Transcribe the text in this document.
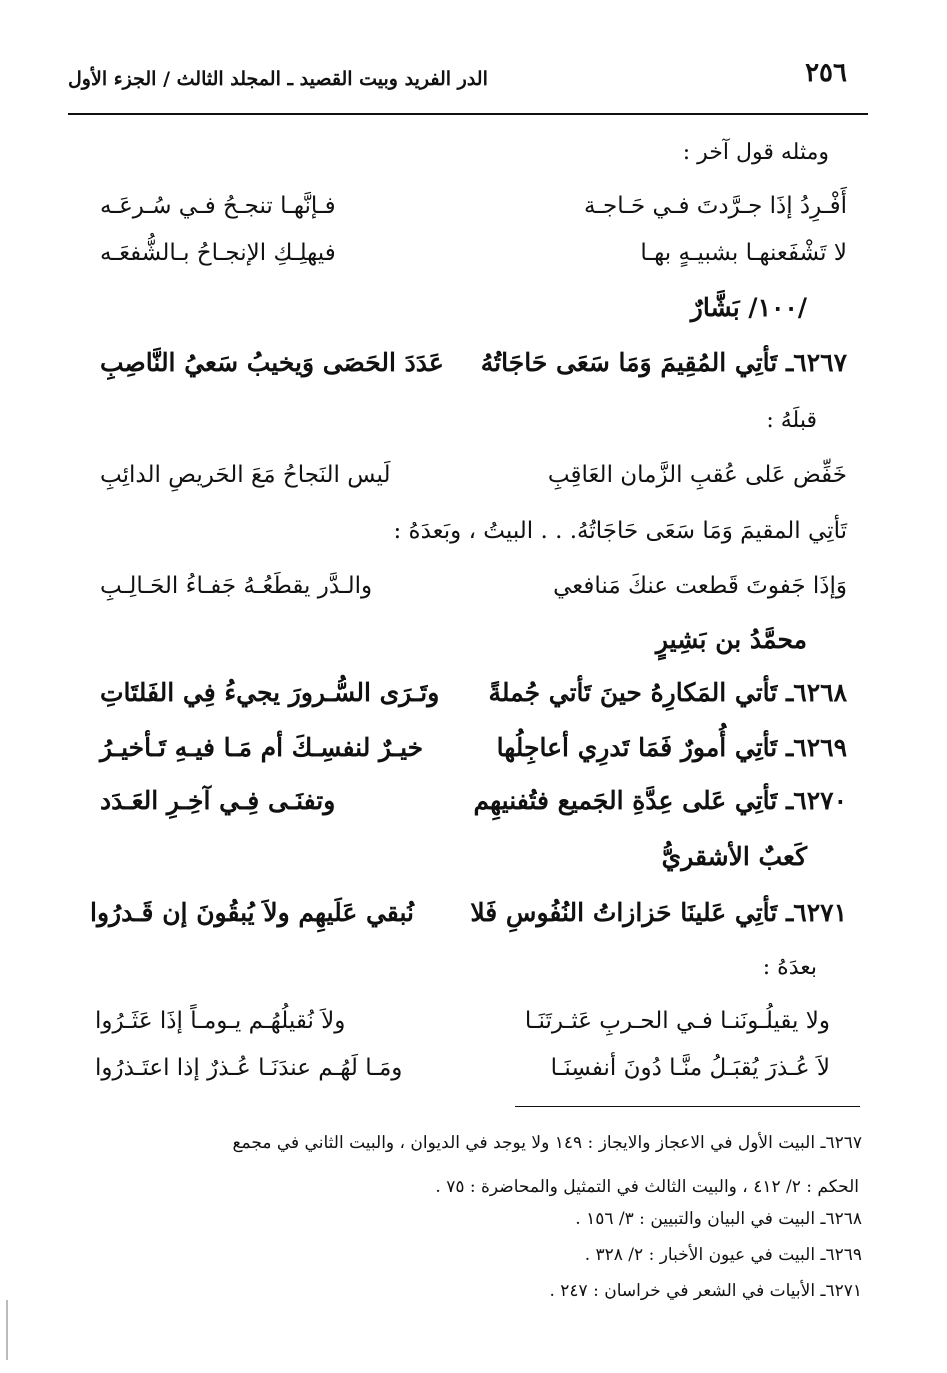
٢٥٦
الدر الفريد وبيت القصيد ـ المجلد الثالث / الجزء الأول
ومثله قول آخر :
أَفْـرِدُ إذَا جـرَّدتَ فـي حَـاجـة
فـإنَّهـا تنجـحُ فـي سُـرعَـه
لا تَشْفَعنهـا بشبيـهٍ بهـا
فيهلِـكِ الإنجـاحُ بـالشُّفعَـه
/١٠٠/ بَشَّارٌ
٦٢٦٧ـ تَأتِي المُقِيمَ وَمَا سَعَى حَاجَاتُهُ
عَدَدَ الحَصَى وَيخيبُ سَعيُ النَّاصِبِ
قبلَهُ :
خَفِّض عَلى عُقبِ الزَّمان العَاقِبِ
لَيس النَجاحُ مَعَ الحَريصِ الدائِبِ
تَأتِي المقيمَ وَمَا سَعَى حَاجَاتُهُ. . . البيتُ ، وبَعدَهُ :
وَإذَا جَفوتَ قَطعت عنكَ مَنافعي
والـدَّر يقطَعُـهُ جَفـاءُ الحَـالِـبِ
محمَّدُ بن بَشِيرٍ
٦٢٦٨ـ تَأتي المَكارِهُ حينَ تَأتي جُملةً
وتَـرَى السُّـرورَ يجيءُ فِي الفَلتَاتِ
٦٢٦٩ـ تَأتِي أُمورٌ فَمَا تَدرِي أعاجِلُها
خيـرٌ لنفسِـكَ أم مَـا فيـهِ تَـأخيـرُ
٦٢٧٠ـ تَأتِي عَلى عِدَّةِ الجَميع فتُفنيهِم
وتفنَـى فِـي آخِـرِ العَـدَد
كَعبٌ الأشقريُّ
٦٢٧١ـ تَأتِي عَلينَا حَزازاتُ النُفُوسِ فَلا
نُبقي عَلَيهِم ولاَ يُبقُونَ إن قَـدرُوا
بعدَهُ :
ولا يقيلُـونَنـا فـي الحـربِ عَثـرتَنَـا
ولاَ نُقيلُهُـم يـومـاً إذَا عَثَـرُوا
لاَ عُـذرَ يُقبَـلُ منَّـا دُونَ أنفسِنَـا
ومَـا لَهُـم عندَنَـا عُـذرٌ إذا اعتَـذرُوا
٦٢٦٧ـ البيت الأول في الاعجاز والايجاز : ١٤٩ ولا يوجد في الديوان ، والبيت الثاني في مجمع
الحكم : ٢/ ٤١٢ ، والبيت الثالث في التمثيل والمحاضرة : ٧٥ .
٦٢٦٨ـ البيت في البيان والتبيين : ٣/ ١٥٦ .
٦٢٦٩ـ البيت في عيون الأخبار : ٢/ ٣٢٨ .
٦٢٧١ـ الأبيات في الشعر في خراسان : ٢٤٧ .
